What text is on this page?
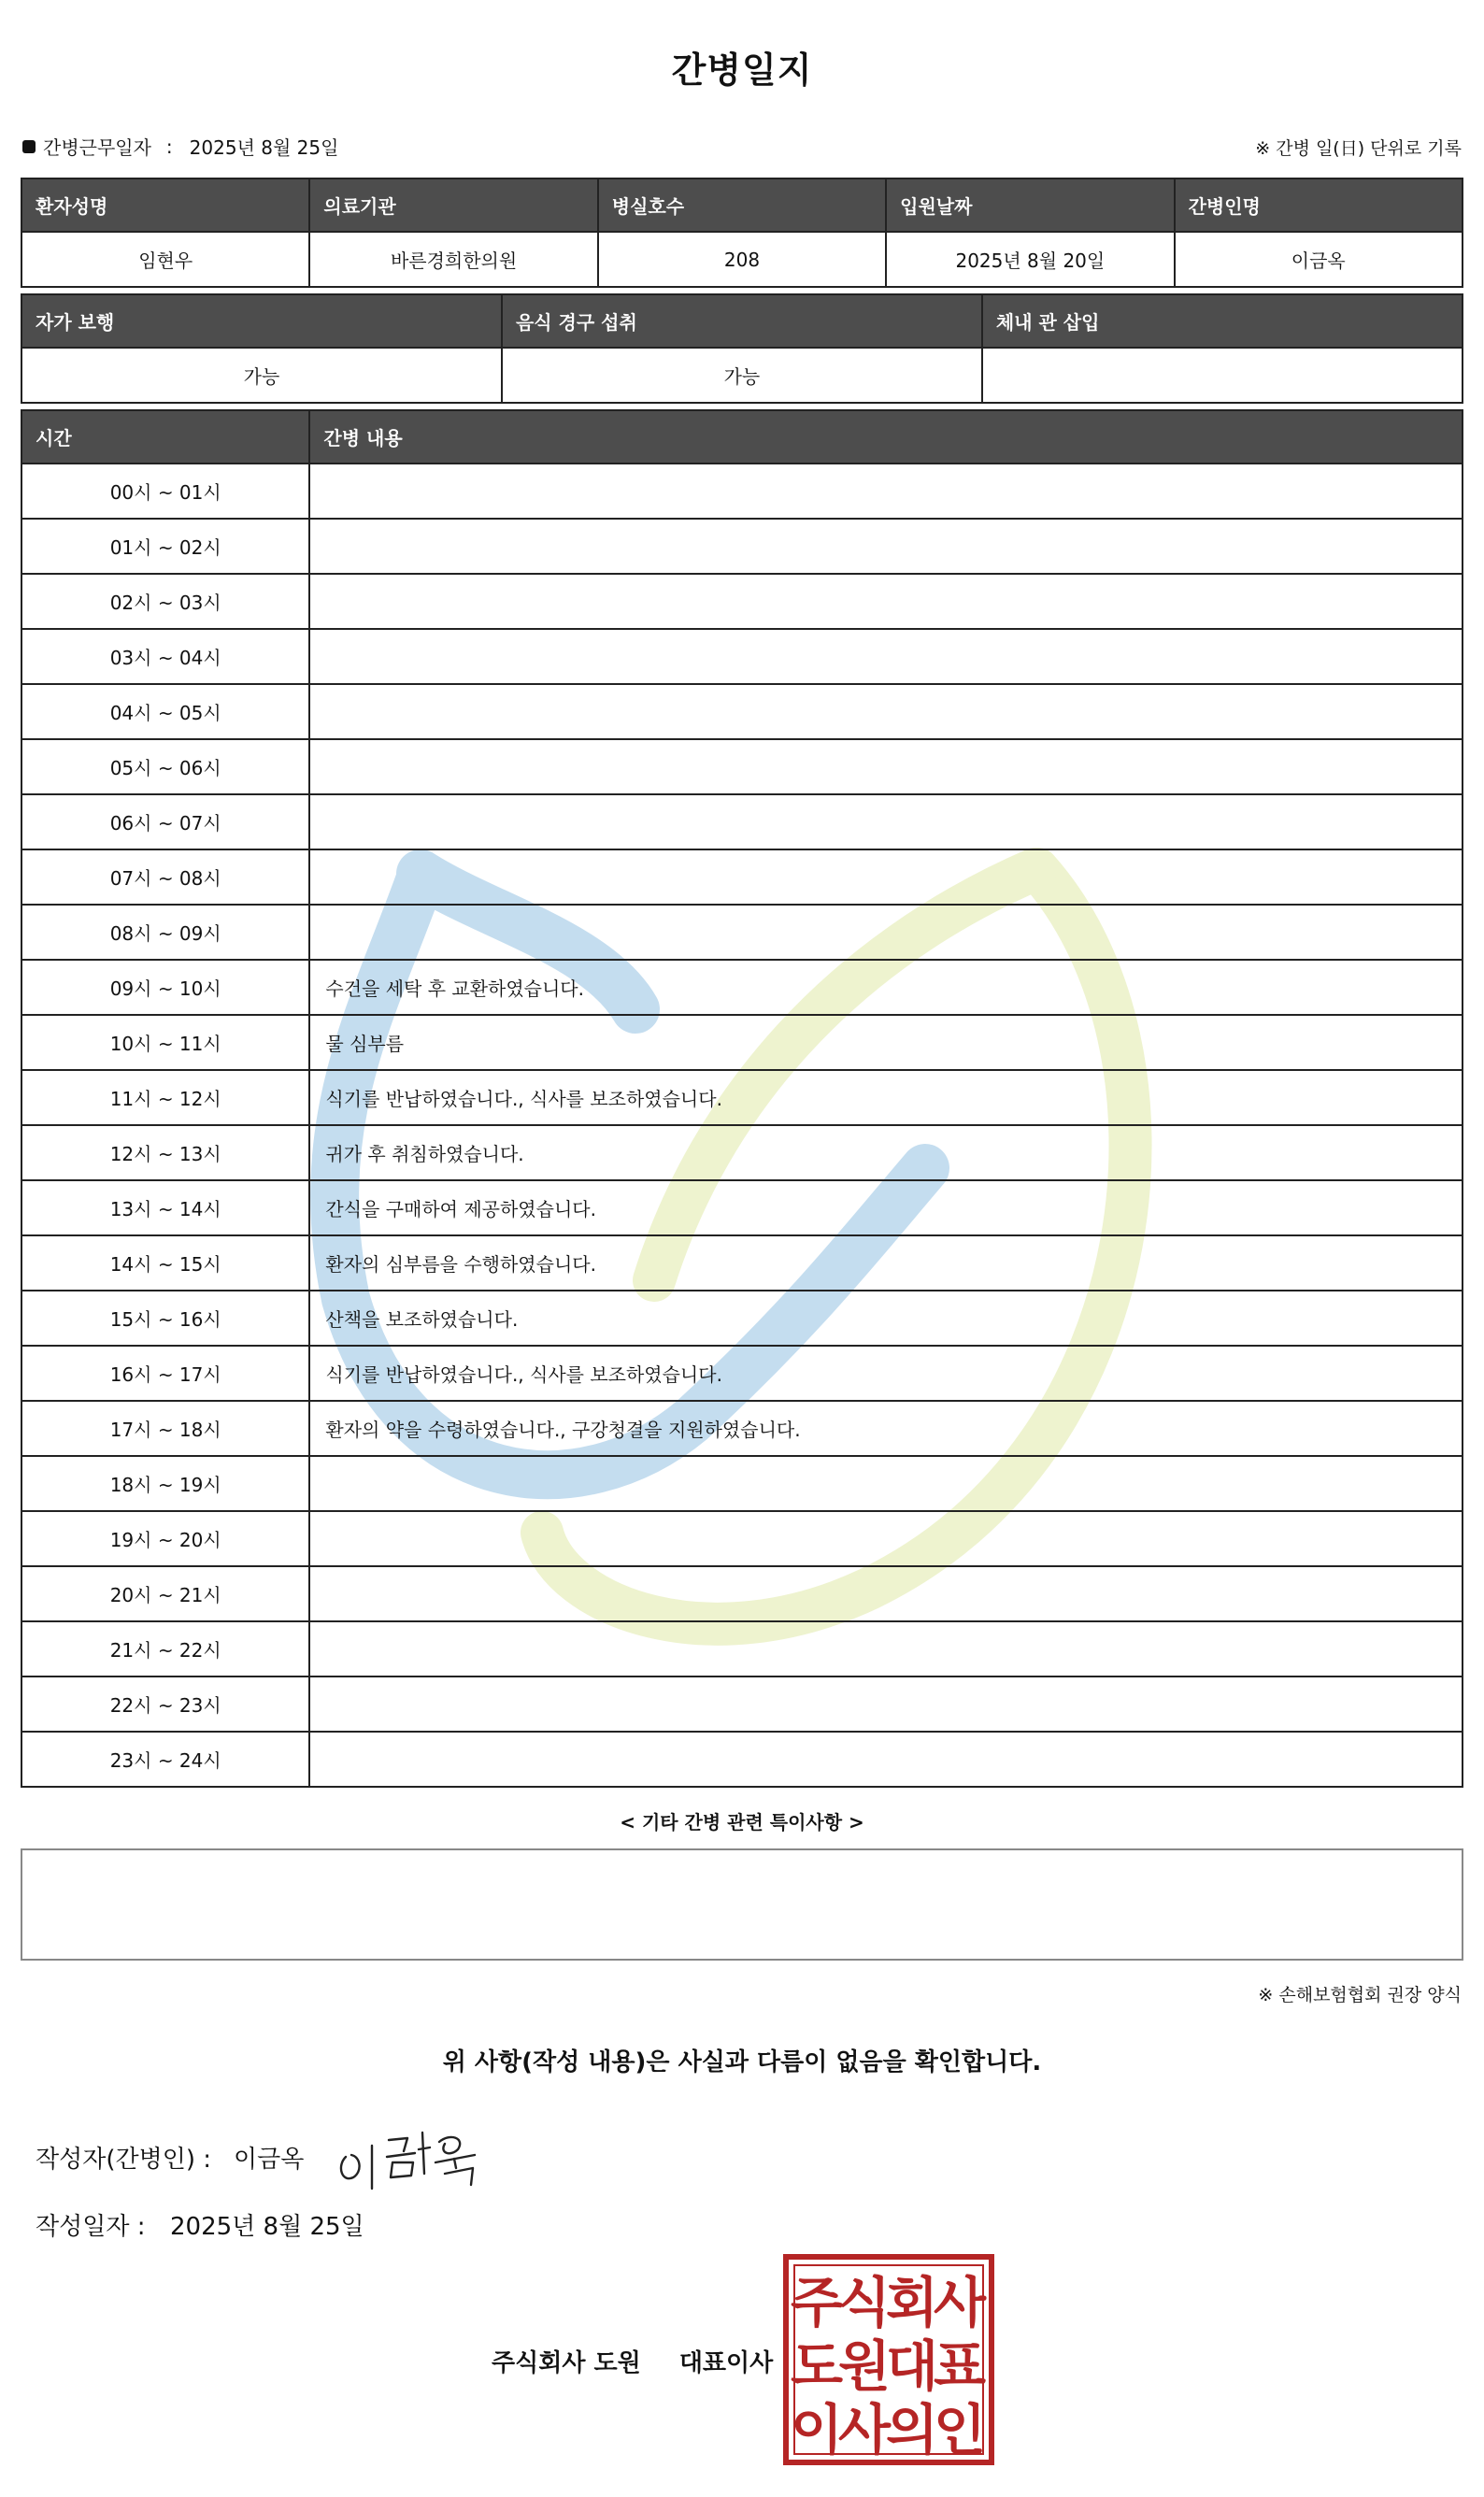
간병일지
간병근무일자 : 2025년 8월 25일	※ 간병 일(日) 단위로 기록
환자성명	의료기관	병실호수	입원날짜	간병인명
임현우	바른경희한의원	208	2025년 8월 20일	이금옥
자가 보행	음식 경구 섭취	체내 관 삽입
가능	가능	
시간	간병 내용
00시 ~ 01시	
01시 ~ 02시	
02시 ~ 03시	
03시 ~ 04시	
04시 ~ 05시	
05시 ~ 06시	
06시 ~ 07시	
07시 ~ 08시	
08시 ~ 09시	
09시 ~ 10시	수건을 세탁 후 교환하였습니다.
10시 ~ 11시	물 심부름
11시 ~ 12시	식기를 반납하였습니다., 식사를 보조하였습니다.
12시 ~ 13시	귀가 후 취침하였습니다.
13시 ~ 14시	간식을 구매하여 제공하였습니다.
14시 ~ 15시	환자의 심부름을 수행하였습니다.
15시 ~ 16시	산책을 보조하였습니다.
16시 ~ 17시	식기를 반납하였습니다., 식사를 보조하였습니다.
17시 ~ 18시	환자의 약을 수령하였습니다., 구강청결을 지원하였습니다.
18시 ~ 19시	
19시 ~ 20시	
20시 ~ 21시	
21시 ~ 22시	
22시 ~ 23시	
23시 ~ 24시	
< 기타 간병 관련 특이사항 >
※ 손해보험협회 권장 양식
위 사항(작성 내용)은 사실과 다름이 없음을 확인합니다.
작성자(간병인) : 이금옥
작성일자 :	2025년 8월 25일
주식회사 도원 대표이사
주
식
회
사
도
원
대
표
이
사
의
인
